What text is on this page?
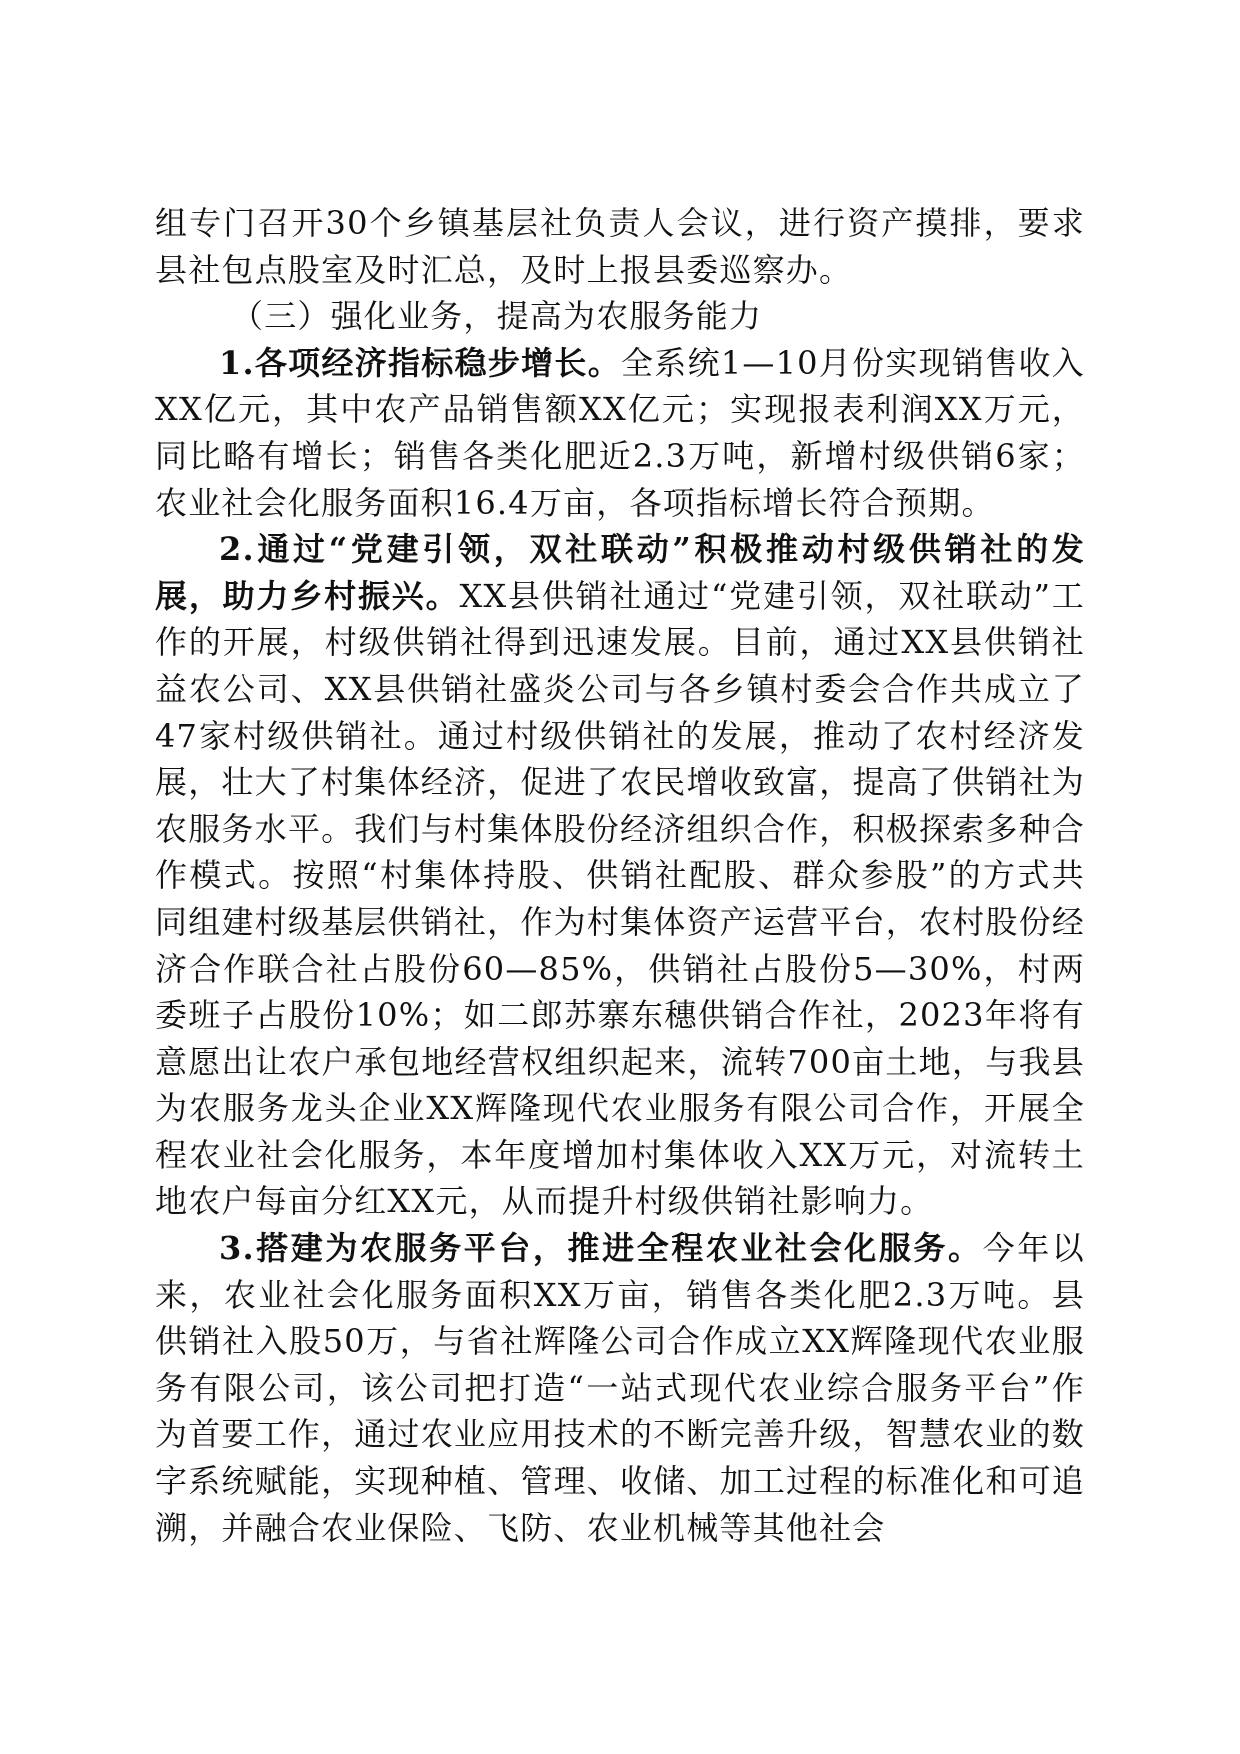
组专门召开30个乡镇基层社负责人会议，进行资产摸排，要求县社包点股室及时汇总，及时上报县委巡察办。

（三）强化业务，提高为农服务能力

1.各项经济指标稳步增长。全系统1—10月份实现销售收入XX亿元，其中农产品销售额XX亿元；实现报表利润XX万元，同比略有增长；销售各类化肥近2.3万吨，新增村级供销6家；农业社会化服务面积16.4万亩，各项指标增长符合预期。

2.通过“党建引领，双社联动”积极推动村级供销社的发展，助力乡村振兴。XX县供销社通过“党建引领，双社联动”工作的开展，村级供销社得到迅速发展。目前，通过XX县供销社益农公司、XX县供销社盛炎公司与各乡镇村委会合作共成立了47家村级供销社。通过村级供销社的发展，推动了农村经济发展，壮大了村集体经济，促进了农民增收致富，提高了供销社为农服务水平。我们与村集体股份经济组织合作，积极探索多种合作模式。按照“村集体持股、供销社配股、群众参股”的方式共同组建村级基层供销社，作为村集体资产运营平台，农村股份经济合作联合社占股份60—85%，供销社占股份5—30%，村两委班子占股份10%；如二郎苏寨东穗供销合作社，2023年将有意愿出让农户承包地经营权组织起来，流转700亩土地，与我县为农服务龙头企业XX辉隆现代农业服务有限公司合作，开展全程农业社会化服务，本年度增加村集体收入XX万元，对流转土地农户每亩分红XX元，从而提升村级供销社影响力。

3.搭建为农服务平台，推进全程农业社会化服务。今年以来，农业社会化服务面积XX万亩，销售各类化肥2.3万吨。县供销社入股50万，与省社辉隆公司合作成立XX辉隆现代农业服务有限公司，该公司把打造“一站式现代农业综合服务平台”作为首要工作，通过农业应用技术的不断完善升级，智慧农业的数字系统赋能，实现种植、管理、收储、加工过程的标准化和可追溯，并融合农业保险、飞防、农业机械等其他社会
